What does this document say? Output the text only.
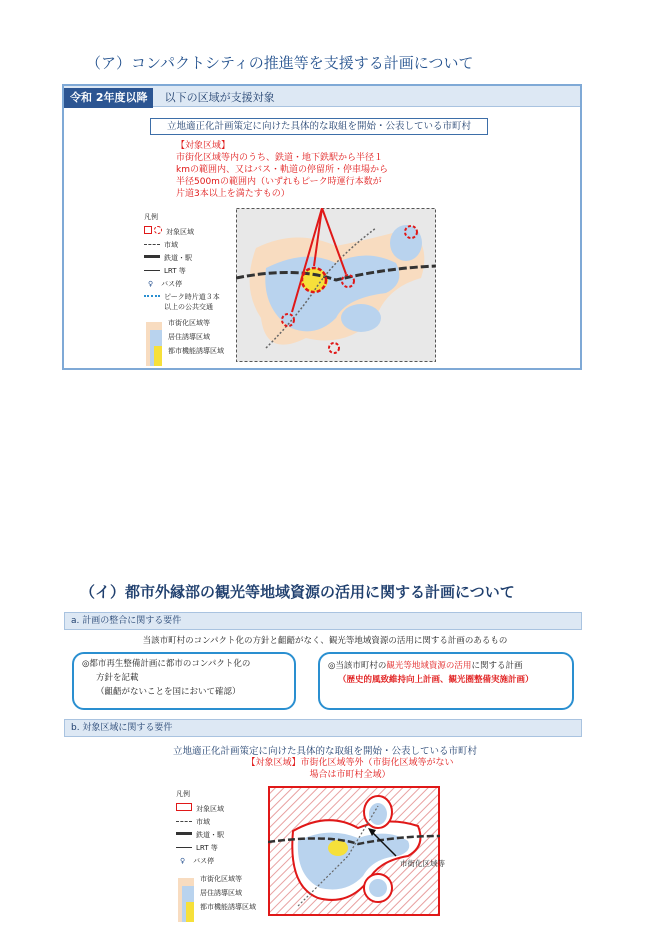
（ア）コンパクトシティの推進等を支援する計画について
令和 2年度以降 以下の区域が支援対象
立地適正化計画策定に向けた具体的な取組を開始・公表している市町村
【対象区域】
市街化区域等内のうち、鉄道・地下鉄駅から半径１
kmの範囲内、又はバス・軌道の停留所・停車場から
半径500mの範囲内（いずれもピーク時運行本数が
片道3本以上を満たすもの）
凡例
対象区域
市域
鉄道・駅
LRT 等
♀ バス停
ピーク時片道３本
以上の公共交通
市街化区域等
居住誘導区域
都市機能誘導区域
（イ）都市外縁部の観光等地域資源の活用に関する計画について
a. 計画の整合に関する要件
当該市町村のコンパクト化の方針と齟齬がなく、観光等地域資源の活用に関する計画のあるもの
◎都市再生整備計画に都市のコンパクト化の
方針を記載
（齟齬がないことを国において確認）
◎当該市町村の観光等地域資源の活用に関する計画
（歴史的風致維持向上計画、観光圏整備実施計画）
b. 対象区域に関する要件
立地適正化計画策定に向けた具体的な取組を開始・公表している市町村
【対象区域】市街化区域等外（市街化区域等がない
場合は市町村全域）
凡例
対象区域
市域
鉄道・駅
LRT 等
♀ バス停
市街化区域等
居住誘導区域
都市機能誘導区域
市街化区域等
